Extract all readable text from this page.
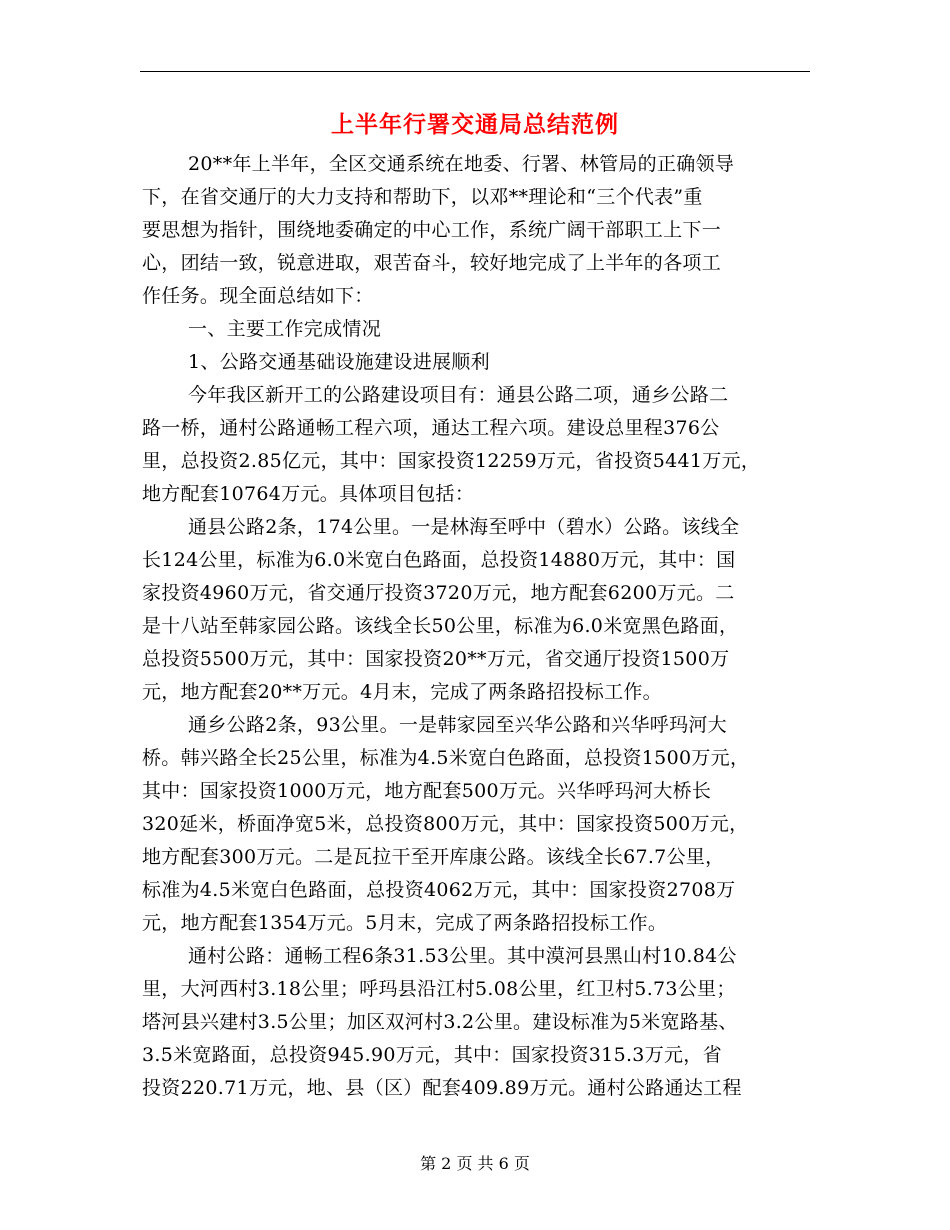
上半年行署交通局总结范例
20**年上半年，全区交通系统在地委、行署、林管局的正确领导
下，在省交通厅的大力支持和帮助下，以邓**理论和“三个代表”重
要思想为指针，围绕地委确定的中心工作，系统广阔干部职工上下一
心，团结一致，锐意进取，艰苦奋斗，较好地完成了上半年的各项工
作任务。现全面总结如下：
一、主要工作完成情况
1、公路交通基础设施建设进展顺利
今年我区新开工的公路建设项目有：通县公路二项，通乡公路二
路一桥，通村公路通畅工程六项，通达工程六项。建设总里程376公
里，总投资2.85亿元，其中：国家投资12259万元，省投资5441万元，
地方配套10764万元。具体项目包括：
通县公路2条，174公里。一是林海至呼中（碧水）公路。该线全
长124公里，标准为6.0米宽白色路面，总投资14880万元，其中：国
家投资4960万元，省交通厅投资3720万元，地方配套6200万元。二
是十八站至韩家园公路。该线全长50公里，标准为6.0米宽黑色路面，
总投资5500万元，其中：国家投资20**万元，省交通厅投资1500万
元，地方配套20**万元。4月末，完成了两条路招投标工作。
通乡公路2条，93公里。一是韩家园至兴华公路和兴华呼玛河大
桥。韩兴路全长25公里，标准为4.5米宽白色路面，总投资1500万元，
其中：国家投资1000万元，地方配套500万元。兴华呼玛河大桥长
320延米，桥面净宽5米，总投资800万元，其中：国家投资500万元，
地方配套300万元。二是瓦拉干至开库康公路。该线全长67.7公里，
标准为4.5米宽白色路面，总投资4062万元，其中：国家投资2708万
元，地方配套1354万元。5月末，完成了两条路招投标工作。
通村公路：通畅工程6条31.53公里。其中漠河县黑山村10.84公
里，大河西村3.18公里；呼玛县沿江村5.08公里，红卫村5.73公里；
塔河县兴建村3.5公里；加区双河村3.2公里。建设标准为5米宽路基、
3.5米宽路面，总投资945.90万元，其中：国家投资315.3万元，省
投资220.71万元，地、县（区）配套409.89万元。通村公路通达工程
第 2 页 共 6 页
